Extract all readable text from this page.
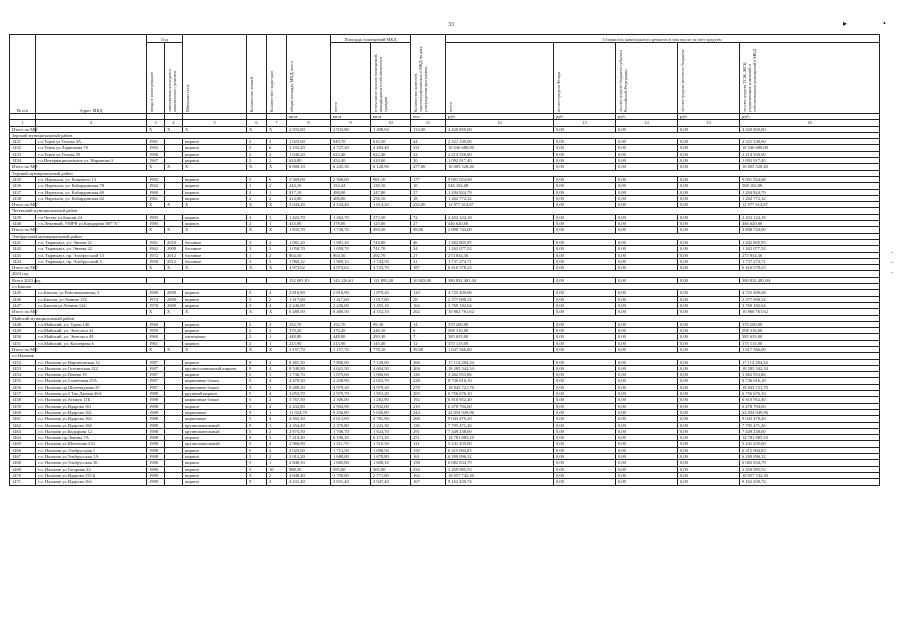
33	▸	•
-
–
-
№ п/п	Адрес МКД	Год		Материал стен	Количество этажей	Количество подъездов	общая площадь МКД, всего	Площадь помещений МКД		Количество жителей, зарегистрированных в МКД на дату утверждения программы	Стоимость капитального ремонта в том числе за счет средств:				

		ввода в эксплуатацию	завершения последнего капитального ремонта					всего	в том числе жилых помещений, находящихся в собственности граждан		всего	за счет средств Фонда	за счет средств бюджета субъекта Российской Федерации	за счет средств местного бюджета	за счет средств ТСЖ, ЖСК, управляющих компаний и собственников помещений в МКД

							кв.м	кв.м	кв.м	чел.	руб.	руб.	руб.	руб.	руб.
1	2	3	4	5	6	7	8	9	10	11	12	13	14	15	16
Итого по МО		X	X	X	X	X	2 933,80	2 933,80	1 498,94	133,00	4 420 850,00	0,00	0,00	0,00	4 420 850,00
Зерский муниципальный район															
1431	г.п.Терек ул.Тохова 4А	1991		кирпич	2	3	1 025,60	949,70	610,30	44	2 321 140,00	0,00	0,00	0,00	2 321 140,00
1432	г.п.Терек ул.Ларионова 76	1965		кирпич	5	6	5 192,20	4 727,20	4 484,40	331	10 546 680,00	0,00	0,00	0,00	10 546 680,00
1433	г.п.Терек ул.Тохова 50	1996		кирпич	2	2	1 040,20	623,40	622,40	32	2 214 556,00	0,00	0,00	0,00	2 214 556,00
1434	г.п.Интернациональное ул. Нарынова 3	1967		кирпич	2	2	624,80	454,40	410,60	30	1 092 917,40	0,00	0,00	0,00	1 092 917,40
Итого по МО		X	X	X	X	X	8 000,10	6 245,30	6 128,90	477,00	16 005 528,40	0,00	0,00	0,00	16 005 528,40
Терский муниципальный район															
1435	г.п. Нарткала, ул. Кощевого 13	1983		кирпич	5	6	3 569,00	2 568,00	981,10	177	9 001 924,68	0,00	0,00	0,00	9 001 924,68
1436	г.п. Нарткала, ул. Кабардинская 78	1932		кирпич	1	2	244,10	152,44	139,10	10	546 102,08	0,00	0,00	0,00	508 102,08
1437	г.п. Нарткала, ул. Кабардинская 60	1960		кирпич	2	1	817,10	488,00	247,80	27	1 204 824,79	0,00	0,00	0,00	1 204 824,79
1438	г.п. Нарткала, ул. Кабардинская 62	1961		кирпич	2	2	414,00	406,00	256,10	18	1 262 772,32	0,00	0,00	0,00	1 262 772,32
Итого по МО		X	X	X	X	X	5 044,20	4 534,40	1 614,20	232,00	12 977 614,87	0,00	0,00	0,00	12 977 614,87
Чегемский муниципальный район															
1439	г.п.Чегем, ул.Баксан 24	1993		кирпич	3	3	1 422,70	1 262,70	373,50	72	2 452 124,18	0,00	0,00	0,00	2 452 124,18
1440	г.п.Лечинкай, УМРВ ул.Кандарова 887"А"	1980		кирпич	2	1	413,00	378,00	125,60	27	446 620,00	0,00	0,00	0,00	446 620,00
Итого по МО		X	X	X	X	X	1 835,70	1 740,70	499,30	49,00	2 898 744,00	0,00	0,00	0,00	2 898 744,00
Эльбрусский муниципальный район															
1441	г.п. Тырныауз, ул. Энеева 21	1961	2010	блочные	3	2	1 081,20	1 081,20	744,80	46	1 202 805,95	0,00	0,00	0,00	1 202 805,95
1442	г.п. Тырныауз, ул. Энеева 22	1962	2009	блочные	3	2	1 058,70	1 058,70	741,70	34	1 262 077,52	0,00	0,00	0,00	1 262 077,52
1443	г.п. Тырныауз, пр. Эльбрусский 13	1972	2012	блочные	1	2	864,50	864,50	492,70	27	273 834,36	0,00	0,00	0,00	273 834,36
1444	г.п. Тырныауз, пр. Эльбрусский 3	1958	2012	блочные	3	3	1 969,12	1 969,12	1 744,50	41	1 737 274,71	0,00	0,00	0,00	1 737 274,71
Итого по МО		X	X	X	X	X	4 973,62	4 973,62	3 723,70	187	6 416 578,23	0,00	0,00	0,00	6 416 578,23
2023 год															
Всего 2023 год							152 081,81	142 126,61	121 895,20	10 043,00	380 832 481,04	0,00	0,00	0,00	380 832 481,04
г.о.Баксан															
1445	г.о.Баксан, ул.Революционная, 3	1988	2009	кирпич	5	4	2 816,90	2 816,90	1 879,20	120	4 725 490,68	0,00	0,00	0,00	4 725 490,68
1446	г.о.Баксан, ул.Ленина 132	1974	2009	кирпич	3	2	1 417,60	1 417,60	1 017,80	28	2 377 008,34	0,00	0,00	0,00	2 377 008,34
1447	г.о.Баксан ул.Ленина 124	1978	2009	кирпич	5	4	2 246,00	2 246,00	1 455,10	164	3 760 182,64	0,00	0,00	0,00	3 760 182,64
Итого по МО		X	X	X	X	X	6 480,50	6 480,50	4 352,10	262	10 862 761,62	0,00	0,00	0,00	10 866 761,62
Майский муниципальный район															
1448	г.п.Майский, ул. Удачи 146	1960		кирпич	2	2	152,70	152,70	99,30	14	370 200,00	0,00	0,00	0,00	370 200,00
1449	г.п.Майский, ул. Энгельса 41	1959		кирпич	2	2	370,20	370,20	246,10	6	508 316,00	0,00	0,00	0,00	508 316,00
1450	г.п.Майский, ул. Энгельса 49	1960		панельные	2	1	448,80	448,80	290,30	7	385 635,00	0,00	0,00	0,00	385 635,00
1451	г.п.Майский, ул. Кооперная 6	1961		кирпич	2	1	215,90	215,90	145,40	12	375 115,00	0,00	0,00	0,00	375 115,00
Итого по МО		X	X	X	X	X	1 157,70	1 157,70	778,10	39,00	1 647 566,00	0,00	0,00	0,00	1 617 566,00
г.о.Нальчик															
1452	г.о. Нальчик ул.Нартановская 12	1987		кирпич	9	2	8 481,30	7 800,00	7 149,00	366	17 114 284,34	0,00	0,00	0,00	17 114 284,34
1453	г.о. Нальчик ул.Осетинская 122	1987		крупно-панельный кирпич	9	4	8 540,90	4 621,50	4 604,50	204	18 285 342,34	0,00	0,00	0,00	18 285 342,34
1454	г.о. Нальчик ул.Пачева 19	1987		кирпич	5	1	1 736,70	1 075,60	1 060,60	126	3 462 953,86	0,00	0,00	0,00	3 462 953,86
1455	г.о. Нальчик ул.Солнечная 25А	1987		кирпичные блоки	5	4	4 479,30	2 438,90	2 023,70	228	8 736 016,10	0,00	0,00	0,00	8 736 016,10
1456	г.о. Нальчик пр.Шогенцукова 25	1987		кирпичные блоки	9	3	9 289,20	4 979,20	4 979,20	278	18 843 721,70	0,00	0,00	0,00	18 843 721,70
1457	г.о. Нальчик ул.2 Тих.Дачная 46А	1988		крупный кирпич	5	4	3 053,70	2 979,70	1 953,20	205	6 756 676,10	0,00	0,00	0,00	6 756 676,10
1458	г.о. Нальчик ул.Атажук 11Б	1988		кирпичные блоки	5	2	3 767,50	2 306,00	1 282,90	192	6 810 952,40	0,00	0,00	0,00	6 810 952,40
1459	г.о. Нальчик ул.Идарова 161	1988		кирпич	5	4	2 432,80	2 904,90	2 832,00	210	6 478 794,60	0,00	0,00	0,00	6 478 794,60
1460	г.о. Нальчик ул.Идарова 162	1988		кирпичные	9	1	11 024,70	9 256,80	5 026,80	244	22 054 949,96	0,00	0,00	0,00	22 054 949,96
1461	г.о. Нальчик ул.Идарова 164	1988		кирпичные	5	4	4 502,30	3 613,00	3 781,90	268	9 043 470,20	0,00	0,00	0,00	9 043 470,20
1462	г.о. Нальчик ул.Идарова 168	1988		крупнопанельный	9	1	4 354,40	2 370,80	2 241,30	136	7 795 471,26	0,00	0,00	0,00	7 795 471,26
1463	г.о. Нальчик ул.Кадырова 12	1988		крупнопанельный	5	2	2 875,50	1 706,70	1 824,70	291	7 449 238,60	0,00	0,00	0,00	7 449 238,60
1464	г.о. Нальчик пр.Ленина 7А	1988		кирпич	9	3	7 210,40	6 196,20	6 174,20	251	14 781 685,10	0,00	0,00	0,00	14 781 685,10
1465	г.о. Нальчик ул.Шогенова 234	1988		крупнопанельный	5	4	2 966,90	1 511,70	1 510,30	121	5 241 435,60	0,00	0,00	0,00	5 241 435,60
1466	г.о. Нальчик ул.Эльбрусская 1	1988		кирпич	5	4	2 925,60	1 713,50	1 098,50	150	6 315 004,83	0,00	0,00	0,00	6 315 004,83
1467	г.о. Нальчик ул.Эльбрусская 1А	1988		кирпич	5	2	2 912,20	1 688,00	1 678,80	161	6 290 096,32	0,00	0,00	0,00	6 290 096,32
1468	г.о. Нальчик ул.Эльбрусская 1Б	1988		кирпич	5	1	2 840,10	1 685,80	1 608,10	158	6 082 834,79	0,00	0,00	0,00	6 082 834,79
1469	г.о. Нальчик ул.Гагарина 22	1989		кирпич	5	10	988,30	595,60	565,00	234	2 459 985,53	0,00	0,00	0,00	2 459 985,53
1470	г.о. Нальчик ул.Идарова 155 Б	1989		кирпич	9	2	4 848,40	3 790,80	2 771,80	162	10 057 742,30	0,00	0,00	0,00	10 057 742,30
1471	г.о. Нальчик ул.Идарова 164	1989		кирпич	9	3	4 431,40	3 931,40	3 947,40	167	9 162 439,74	0,00	0,00	0,00	9 162 439,74
